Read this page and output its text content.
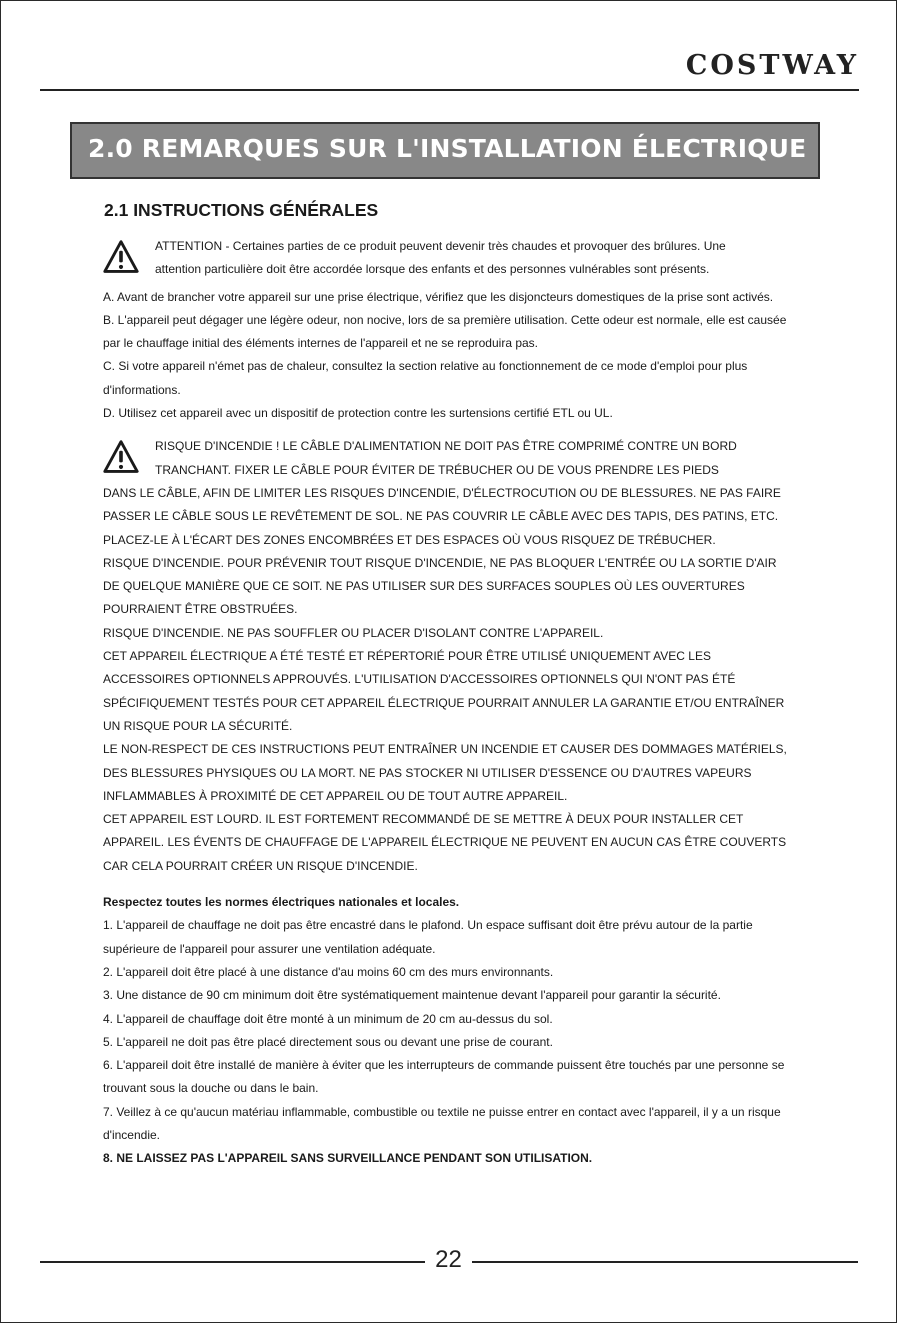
COSTWAY
2.0 REMARQUES SUR L'INSTALLATION ÉLECTRIQUE
2.1 INSTRUCTIONS GÉNÉRALES

ATTENTION - Certaines parties de ce produit peuvent devenir très chaudes et provoquer des brûlures. Une

attention particulière doit être accordée lorsque des enfants et des personnes vulnérables sont présents.

A. Avant de brancher votre appareil sur une prise électrique, vérifiez que les disjoncteurs domestiques de la prise sont activés.

B. L'appareil peut dégager une légère odeur, non nocive, lors de sa première utilisation. Cette odeur est normale, elle est causée par le chauffage initial des éléments internes de l'appareil et ne se reproduira pas.

C. Si votre appareil n'émet pas de chaleur, consultez la section relative au fonctionnement de ce mode d'emploi pour plus d'informations.

D. Utilisez cet appareil avec un dispositif de protection contre les surtensions certifié ETL ou UL.

RISQUE D'INCENDIE ! LE CÂBLE D'ALIMENTATION NE DOIT PAS ÊTRE COMPRIMÉ CONTRE UN BORD

TRANCHANT. FIXER LE CÂBLE POUR ÉVITER DE TRÉBUCHER OU DE VOUS PRENDRE LES PIEDS

DANS LE CÂBLE, AFIN DE LIMITER LES RISQUES D'INCENDIE, D'ÉLECTROCUTION OU DE BLESSURES. NE PAS FAIRE PASSER LE CÂBLE SOUS LE REVÊTEMENT DE SOL. NE PAS COUVRIR LE CÂBLE AVEC DES TAPIS, DES PATINS, ETC. PLACEZ-LE À L'ÉCART DES ZONES ENCOMBRÉES ET DES ESPACES OÙ VOUS RISQUEZ DE TRÉBUCHER.

RISQUE D'INCENDIE. POUR PRÉVENIR TOUT RISQUE D'INCENDIE, NE PAS BLOQUER L'ENTRÉE OU LA SORTIE D'AIR DE QUELQUE MANIÈRE QUE CE SOIT. NE PAS UTILISER SUR DES SURFACES SOUPLES OÙ LES OUVERTURES POURRAIENT ÊTRE OBSTRUÉES.

RISQUE D'INCENDIE. NE PAS SOUFFLER OU PLACER D'ISOLANT CONTRE L'APPAREIL.

CET APPAREIL ÉLECTRIQUE A ÉTÉ TESTÉ ET RÉPERTORIÉ POUR ÊTRE UTILISÉ UNIQUEMENT AVEC LES ACCESSOIRES OPTIONNELS APPROUVÉS. L'UTILISATION D'ACCESSOIRES OPTIONNELS QUI N'ONT PAS ÉTÉ SPÉCIFIQUEMENT TESTÉS POUR CET APPAREIL ÉLECTRIQUE POURRAIT ANNULER LA GARANTIE ET/OU ENTRAÎNER UN RISQUE POUR LA SÉCURITÉ.

LE NON-RESPECT DE CES INSTRUCTIONS PEUT ENTRAÎNER UN INCENDIE ET CAUSER DES DOMMAGES MATÉRIELS, DES BLESSURES PHYSIQUES OU LA MORT. NE PAS STOCKER NI UTILISER D'ESSENCE OU D'AUTRES VAPEURS INFLAMMABLES À PROXIMITÉ DE CET APPAREIL OU DE TOUT AUTRE APPAREIL.

CET APPAREIL EST LOURD. IL EST FORTEMENT RECOMMANDÉ DE SE METTRE À DEUX POUR INSTALLER CET APPAREIL. LES ÉVENTS DE CHAUFFAGE DE L'APPAREIL ÉLECTRIQUE NE PEUVENT EN AUCUN CAS ÊTRE COUVERTS CAR CELA POURRAIT CRÉER UN RISQUE D'INCENDIE.

Respectez toutes les normes électriques nationales et locales.

1. L'appareil de chauffage ne doit pas être encastré dans le plafond. Un espace suffisant doit être prévu autour de la partie supérieure de l'appareil pour assurer une ventilation adéquate.

2. L'appareil doit être placé à une distance d'au moins 60 cm des murs environnants.

3. Une distance de 90 cm minimum doit être systématiquement maintenue devant l'appareil pour garantir la sécurité.

4. L'appareil de chauffage doit être monté à un minimum de 20 cm au-dessus du sol.

5. L'appareil ne doit pas être placé directement sous ou devant une prise de courant.

6. L'appareil doit être installé de manière à éviter que les interrupteurs de commande puissent être touchés par une personne se trouvant sous la douche ou dans le bain.

7. Veillez à ce qu'aucun matériau inflammable, combustible ou textile ne puisse entrer en contact avec l'appareil, il y a un risque d'incendie.

8. NE LAISSEZ PAS L'APPAREIL SANS SURVEILLANCE PENDANT SON UTILISATION.

22
